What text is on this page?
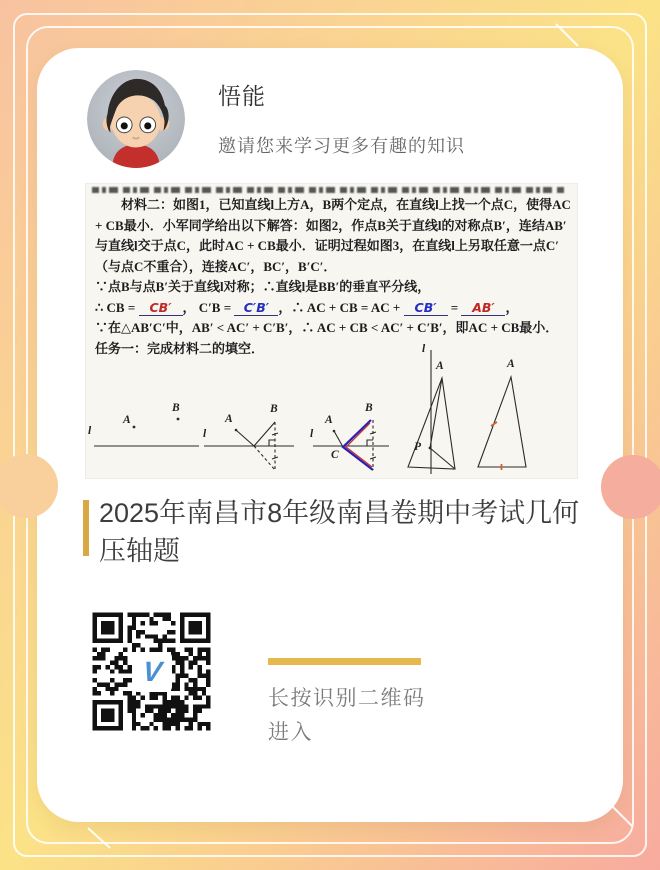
悟能
邀请您来学习更多有趣的知识

材料二：如图1，已知直线l上方A，B两个定点，在直线l上找一个点C，使得AC + CB最小．小军同学给出以下解答：如图2，作点B关于直线l的对称点B′，连结AB′与直线l交于点C，此时AC + CB最小．证明过程如图3，在直线l上另取任意一点C′（与点C不重合），连接AC′，BC′，B′C′．

∵点B与点B′关于直线l对称；∴直线l是BB′的垂直平分线，

∴ CB = CB′ ， C′B = C′B′ ，∴ AC + CB = AC + CB′ = AB′ ，

∵在△AB′C′中，AB′ < AC′ + C′B′，∴ AC + CB < AC′ + C′B′，即AC + CB最小．

任务一：完成材料二的填空．

l
A
B
l
A
B
l
A
C
B
l
A
P
A
2025年南昌市8年级南昌卷期中考试几何压轴题
V
长按识别二维码
进入
